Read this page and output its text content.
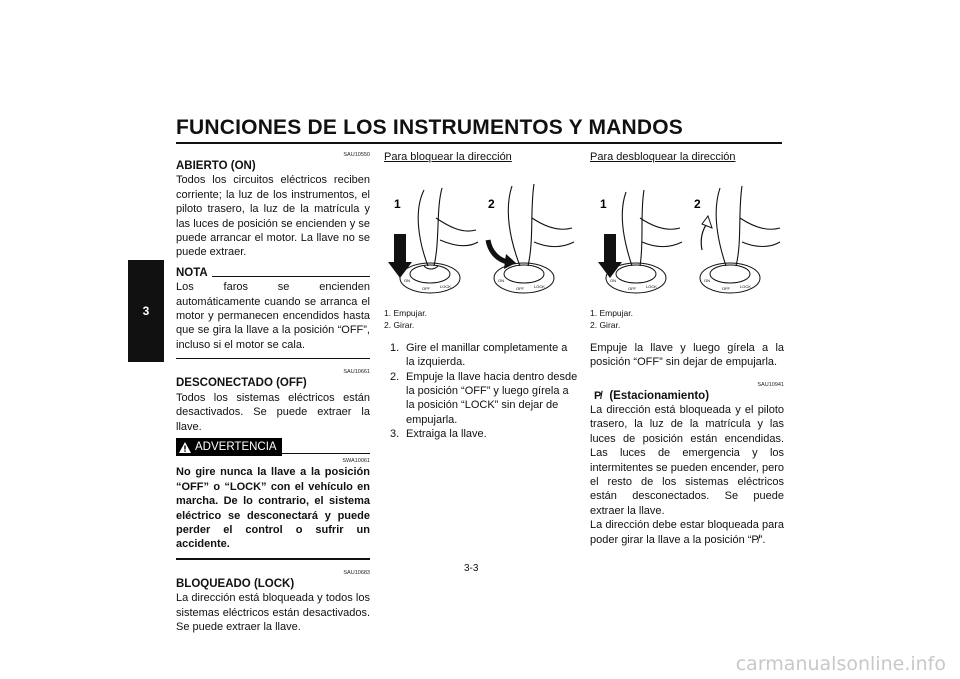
FUNCIONES DE LOS INSTRUMENTOS Y MANDOS
3
SAU10550
ABIERTO (ON)

Todos los circuitos eléctricos reciben corriente; la luz de los instrumentos, el piloto trasero, la luz de la matrícula y las luces de posición se encienden y se puede arrancar el motor. La llave no se puede extraer.

NOTA

Los faros se encienden automáticamente cuando se arranca el motor y permanecen encendidos hasta que se gira la llave a la posición “OFF”, incluso si el motor se cala.

SAU10661
DESCONECTADO (OFF)

Todos los sistemas eléctricos están desactivados. Se puede extraer la llave.

ADVERTENCIA
SWA10061

No gire nunca la llave a la posición “OFF” o “LOCK” con el vehículo en marcha. De lo contrario, el sistema eléctrico se desconectará y puede perder el control o sufrir un accidente.

SAU10683
BLOQUEADO (LOCK)

La dirección está bloqueada y todos los sistemas eléctricos están desactivados. Se puede extraer la llave.

Para bloquear la dirección
1	2
ON
OFF	LOCK
ON
OFF	LOCK
1. Empujar.
2. Girar.
1. Gire el manillar completamente a la izquierda.
2. Empuje la llave hacia dentro desde la posición “OFF” y luego gírela a la posición “LOCK” sin dejar de empujarla.
3. Extraiga la llave.
Para desbloquear la dirección
1	2
ON
OFF	LOCK
ON
OFF	LOCK
1. Empujar.
2. Girar.

Empuje la llave y luego gírela a la posición “OFF” sin dejar de empujarla.

SAU10941
P̸ (Estacionamiento)

La dirección está bloqueada y el piloto trasero, la luz de la matrícula y las luces de posición están encendidas. Las luces de emergencia y los intermitentes se pueden encender, pero el resto de los sistemas eléctricos están desconectados. Se puede extraer la llave.

La dirección debe estar bloqueada para poder girar la llave a la posición “P̸”.

3-3
carmanualsonline.info
